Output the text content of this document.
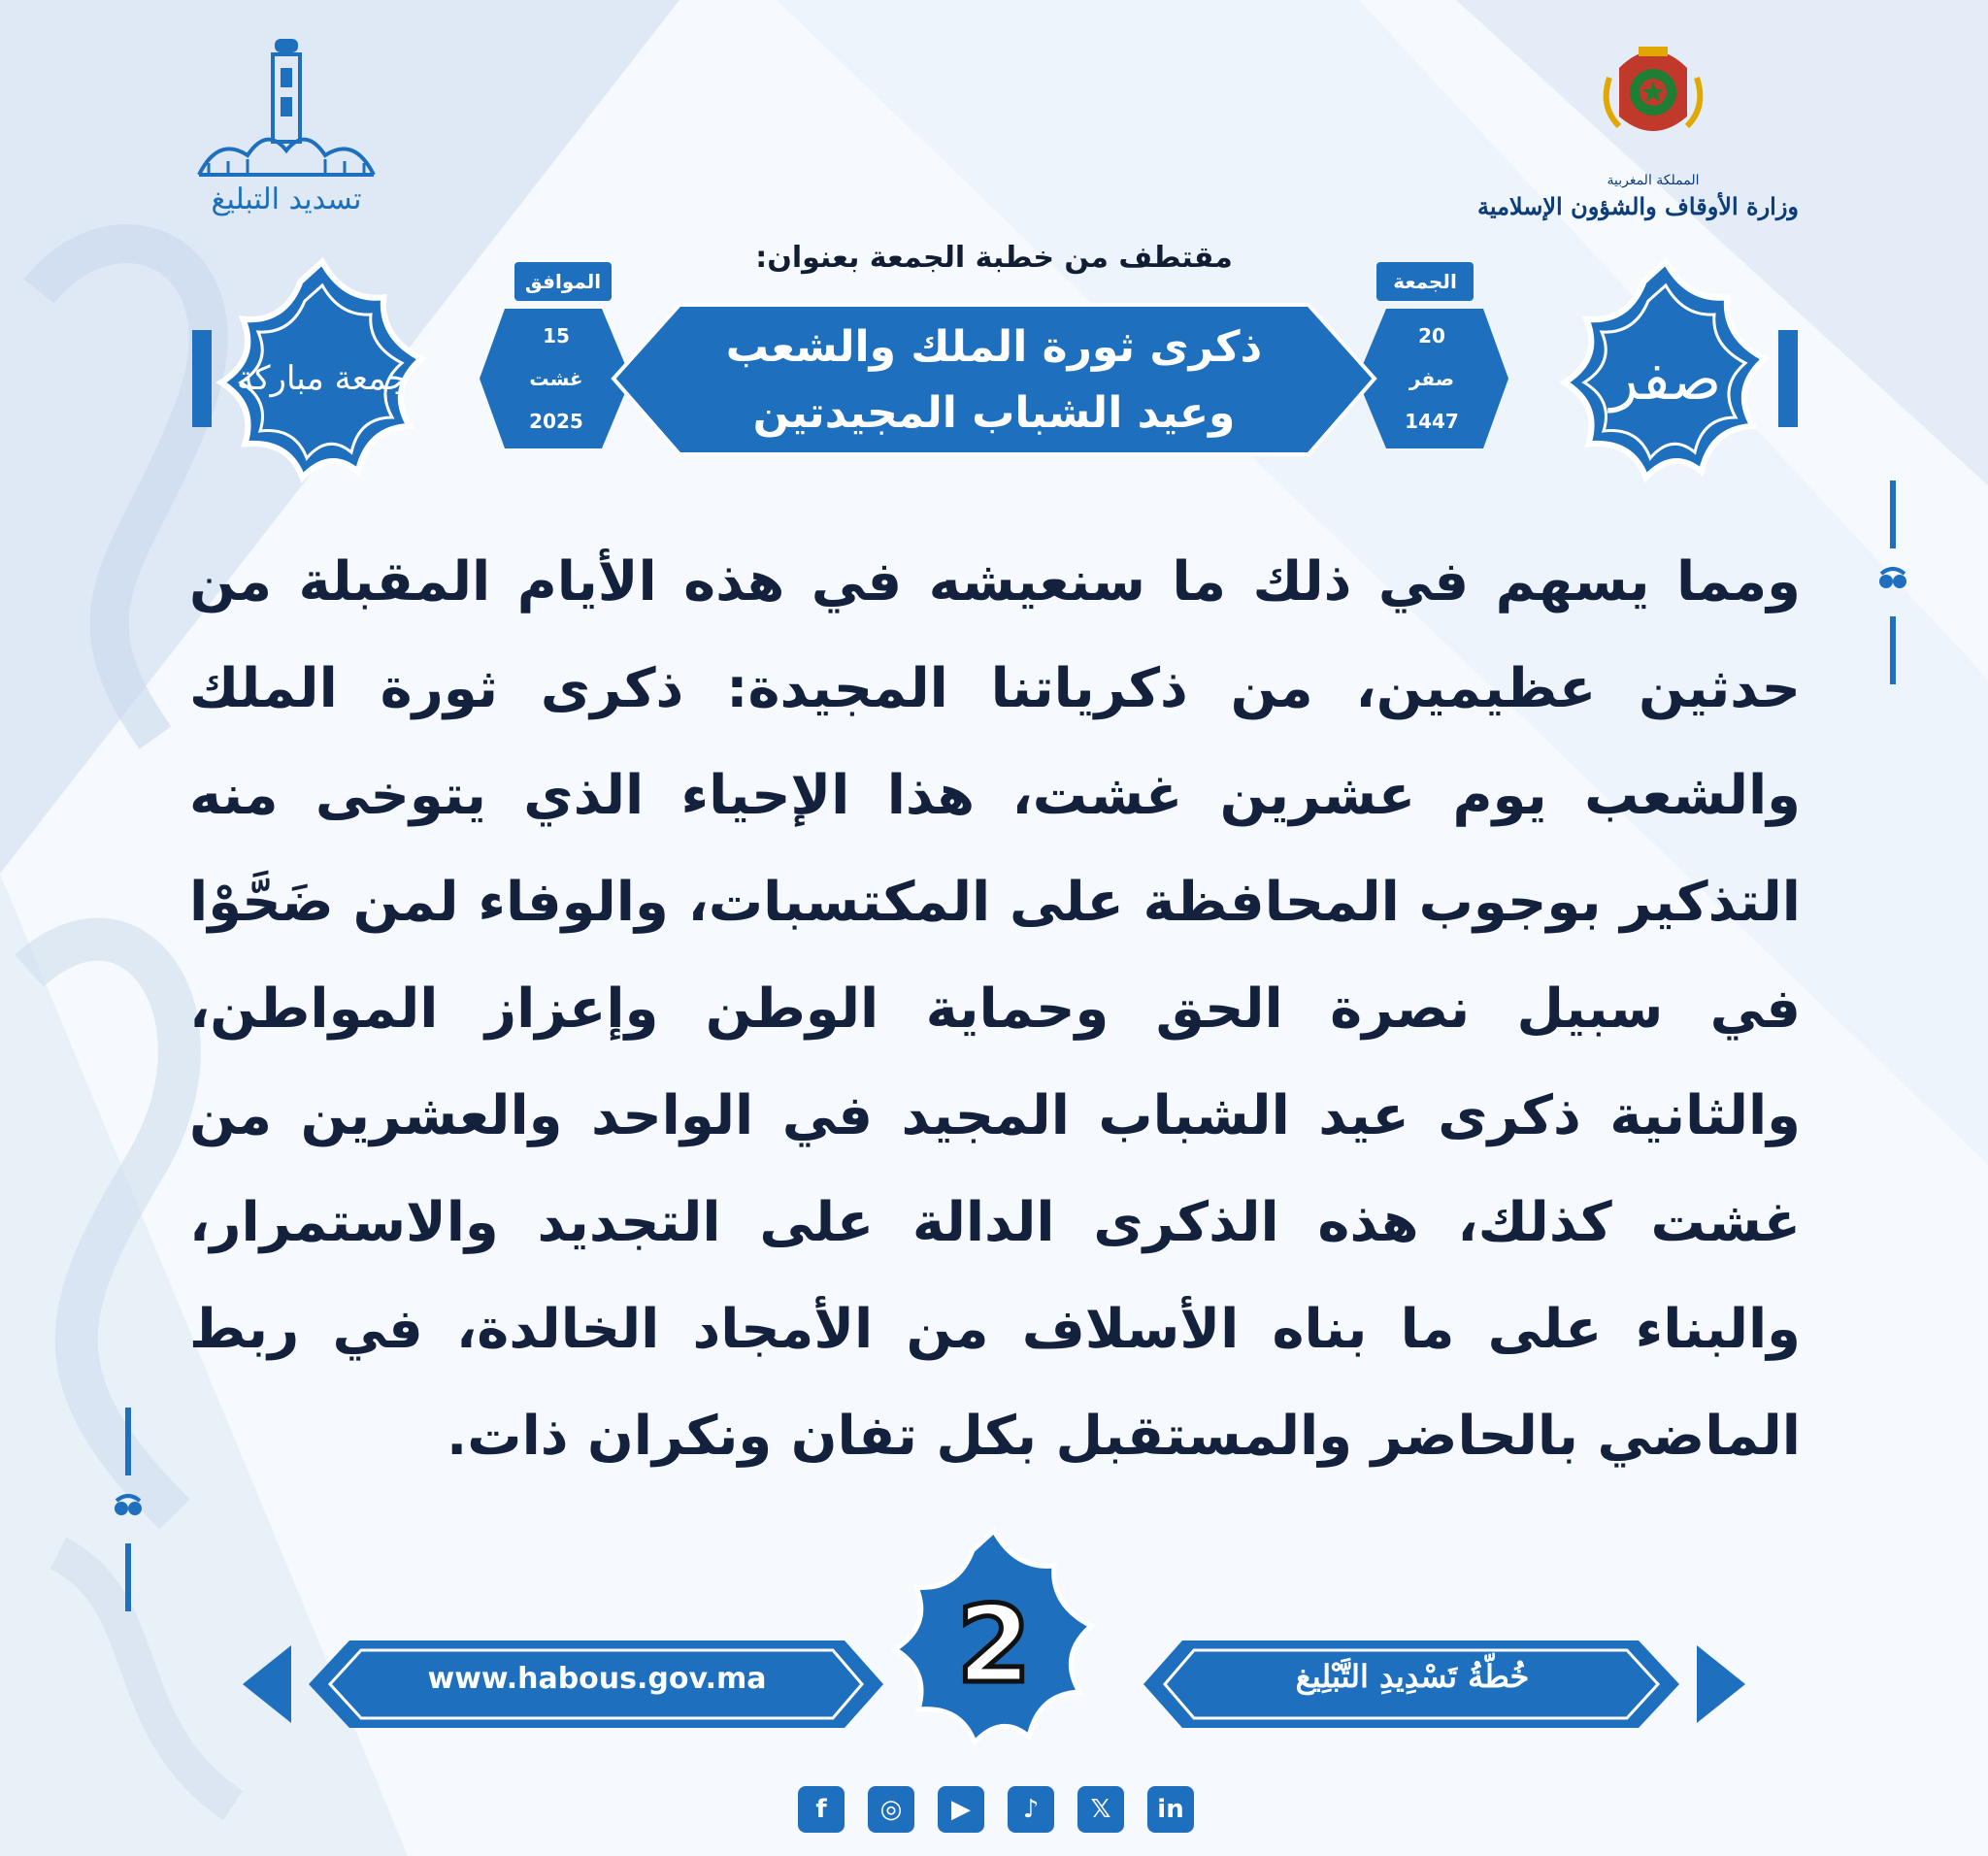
تسديد التبليغ
المملكة المغربية
وزارة الأوقاف والشؤون الإسلامية
مقتطف من خطبة الجمعة بعنوان:
ذكرى ثورة الملك والشعب
وعيد الشباب المجيدتين
الجمعة
20
صفر
1447
الموافق
15
غشت
2025
صفر
جمعة مباركة
ومما يسهم في ذلك ما سنعيشه في هذه الأيام المقبلة من حدثين عظيمين، من ذكرياتنا المجيدة: ذكرى ثورة الملك والشعب يوم عشرين غشت، هذا الإحياء الذي يتوخى منه التذكير بوجوب المحافظة على المكتسبات، والوفاء لمن ضَحَّوْا في سبيل نصرة الحق وحماية الوطن وإعزاز المواطن، والثانية ذكرى عيد الشباب المجيد في الواحد والعشرين من غشت كذلك، هذه الذكرى الدالة على التجديد والاستمرار، والبناء على ما بناه الأسلاف من الأمجاد الخالدة، في ربط الماضي بالحاضر والمستقبل بكل تفان ونكران ذات.
www.habous.gov.ma	خُطّةُ تَسْدِيدِ التَّبْلِيغ
2
f	◎	▶	♪	𝕏	in
